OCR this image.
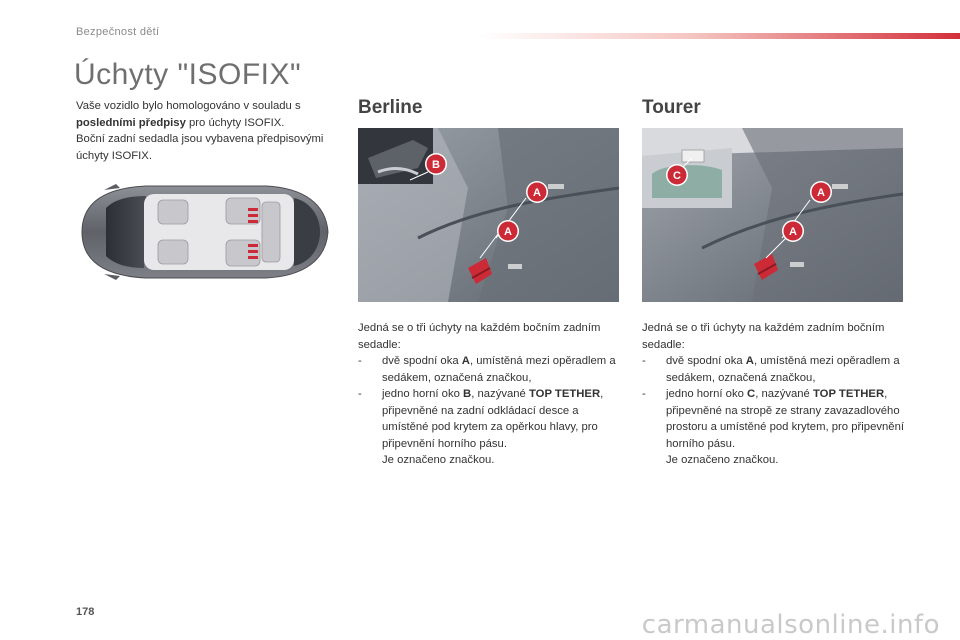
Bezpečnost dětí
Úchyty "ISOFIX"
Vaše vozidlo bylo homologováno v souladu s posledními předpisy pro úchyty ISOFIX.
Boční zadní sedadla jsou vybavena předpisovými úchyty ISOFIX.
Berline
B
A
A
Jedná se o tři úchyty na každém bočním zadním sedadle:
- dvě spodní oka A, umístěná mezi opěradlem a sedákem, označená značkou,
- jedno horní oko B, nazývané TOP TETHER, připevněné na zadní odkládací desce a umístěné pod krytem za opěrkou hlavy, pro připevnění horního pásu.
Je označeno značkou.
Tourer
C
A
A
Jedná se o tři úchyty na každém zadním bočním sedadle:
- dvě spodní oka A, umístěná mezi opěradlem a sedákem, označená značkou,
- jedno horní oko C, nazývané TOP TETHER, připevněné na stropě ze strany zavazadlového prostoru a umístěné pod krytem, pro připevnění horního pásu.
Je označeno značkou.
178	carmanualsonline.info
